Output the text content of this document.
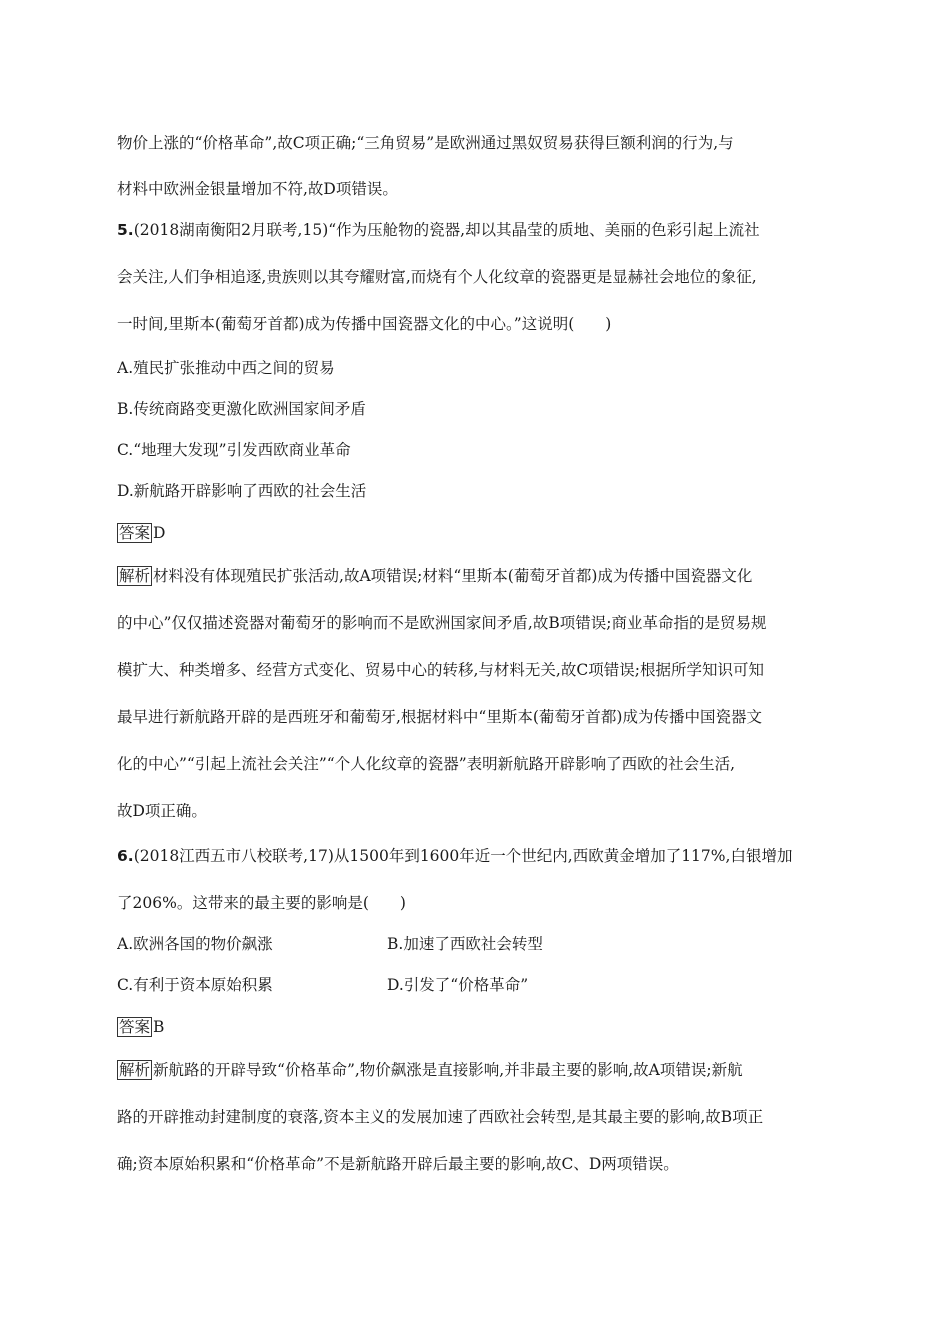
物价上涨的“价格革命”,故C项正确;“三角贸易”是欧洲通过黑奴贸易获得巨额利润的行为,与
材料中欧洲金银量增加不符,故D项错误。
5.(2018湖南衡阳2月联考,15)“作为压舱物的瓷器,却以其晶莹的质地、美丽的色彩引起上流社
会关注,人们争相追逐,贵族则以其夸耀财富,而烧有个人化纹章的瓷器更是显赫社会地位的象征,
一时间,里斯本(葡萄牙首都)成为传播中国瓷器文化的中心。”这说明(　　)
A.殖民扩张推动中西之间的贸易
B.传统商路变更激化欧洲国家间矛盾
C.“地理大发现”引发西欧商业革命
D.新航路开辟影响了西欧的社会生活
答案 D
解析 材料没有体现殖民扩张活动,故A项错误;材料“里斯本(葡萄牙首都)成为传播中国瓷器文化
的中心”仅仅描述瓷器对葡萄牙的影响而不是欧洲国家间矛盾,故B项错误;商业革命指的是贸易规
模扩大、种类增多、经营方式变化、贸易中心的转移,与材料无关,故C项错误;根据所学知识可知
最早进行新航路开辟的是西班牙和葡萄牙,根据材料中“里斯本(葡萄牙首都)成为传播中国瓷器文
化的中心”“引起上流社会关注”“个人化纹章的瓷器”表明新航路开辟影响了西欧的社会生活,
故D项正确。
6.(2018江西五市八校联考,17)从1500年到1600年近一个世纪内,西欧黄金增加了117%,白银增加
了206%。这带来的最主要的影响是(　　)
A.欧洲各国的物价飙涨	B.加速了西欧社会转型
C.有利于资本原始积累	D.引发了“价格革命”
答案 B
解析 新航路的开辟导致“价格革命”,物价飙涨是直接影响,并非最主要的影响,故A项错误;新航
路的开辟推动封建制度的衰落,资本主义的发展加速了西欧社会转型,是其最主要的影响,故B项正
确;资本原始积累和“价格革命”不是新航路开辟后最主要的影响,故C、D两项错误。
